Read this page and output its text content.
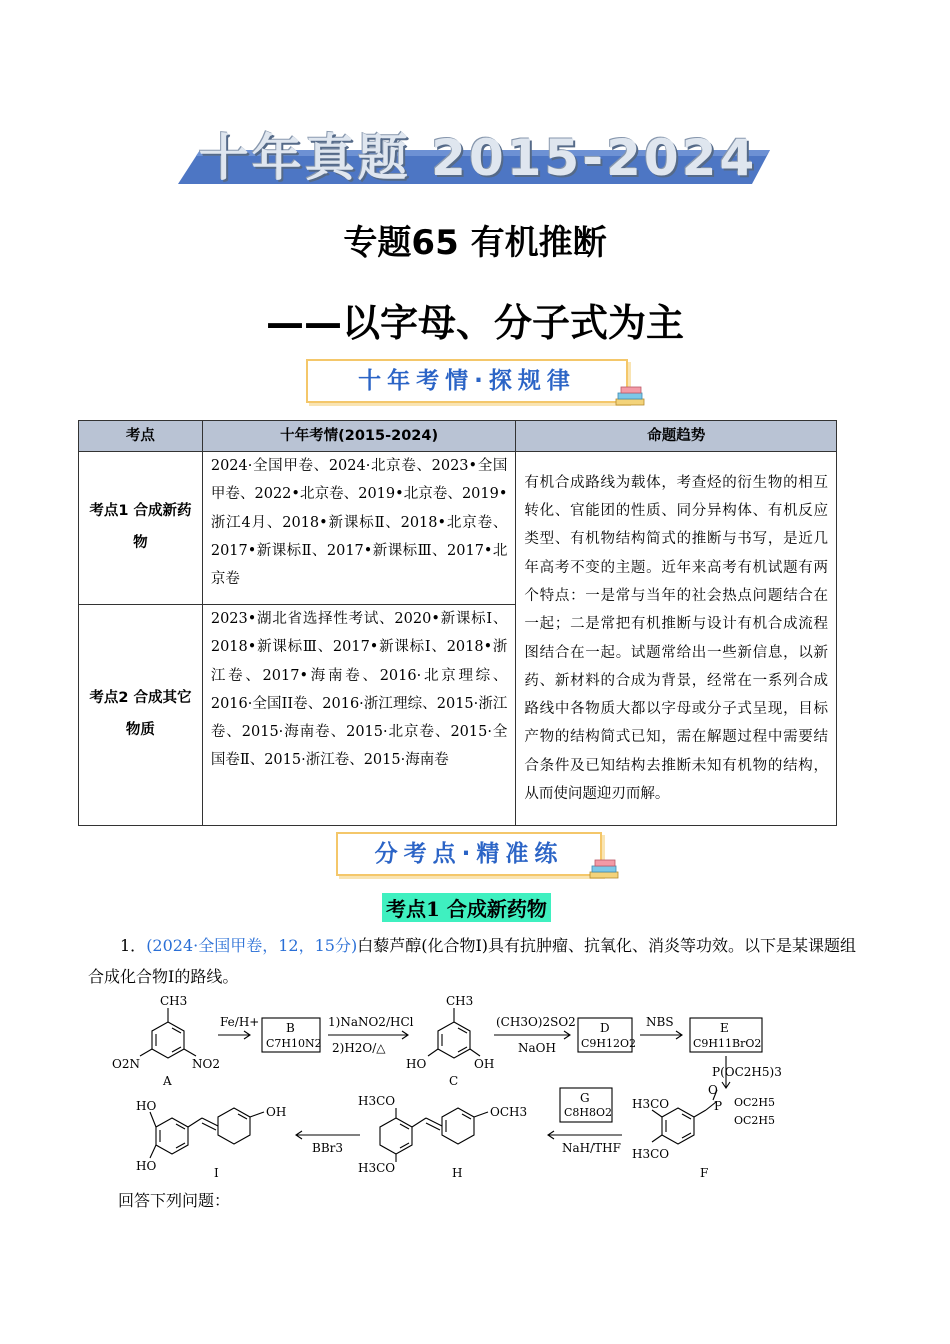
十年真题 2015-2024
专题65 有机推断
——以字母、分子式为主
十年考情·探规律
考点	十年考情(2015-2024)	命题趋势
考点1 合成新药物	2024·全国甲卷、2024·北京卷、2023•全国甲卷、2022•北京卷、2019•北京卷、2019•浙江4月、2018•新课标Ⅱ、2018•北京卷、2017•新课标Ⅱ、2017•新课标Ⅲ、2017•北京卷	有机合成路线为载体，考查烃的衍生物的相互转化、官能团的性质、同分异构体、有机反应类型、有机物结构简式的推断与书写，是近几年高考不变的主题。近年来高考有机试题有两个特点：一是常与当年的社会热点问题结合在一起；二是常把有机推断与设计有机合成流程图结合在一起。试题常给出一些新信息，以新药、新材料的合成为背景，经常在一系列合成路线中各物质大都以字母或分子式呈现，目标产物的结构简式已知，需在解题过程中需要结合条件及已知结构去推断未知有机物的结构，从而使问题迎刃而解。
考点2 合成其它物质	2023•湖北省选择性考试、2020•新课标Ⅰ、2018•新课标Ⅲ、2017•新课标Ⅰ、2018•浙江卷、2017•海南卷、2016·北京理综、2016·全国II卷、2016·浙江理综、2015·浙江卷、2015·海南卷、2015·北京卷、2015·全国卷Ⅱ、2015·浙江卷、2015·海南卷	
分考点·精准练
考点1 合成新药物
1．(2024·全国甲卷，12，15分)白藜芦醇(化合物I)具有抗肿瘤、抗氧化、消炎等功效。以下是某课题组合成化合物I的路线。
CH3
O2N	NO2
A
Fe/H+ B
C7H10N2
1)NaNO2/HCl
2)H2O/△
CH3
HO	OH
C
(CH3O)2SO2
NaOH
D
C9H12O2
NBS	E
C9H11BrO2
P(OC2H5)3
G
C8H8O2
NaH/THF
BBr3
H3CO
H3CO
O
P OC2H5
OC2H5
F
H3CO
H3CO
OCH3
H
HO
HO
OH
I
回答下列问题：
